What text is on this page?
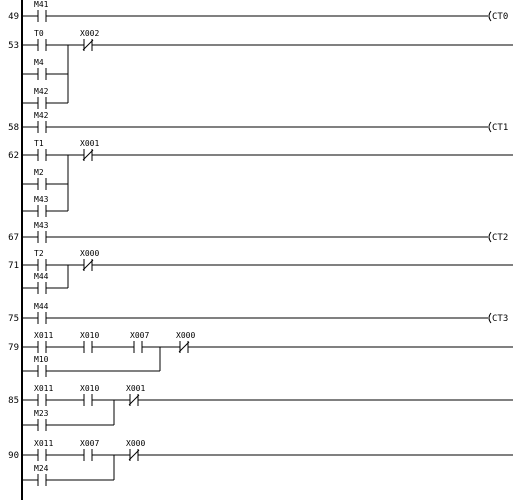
49	CT0
M41
53
T0	X002
M4
M42
58	CT1
M42
62
T1	X001
M2
M43
67	CT2
M43
71
T2	X000
M44
75	CT3
M44
79
X011	X010	X007	X000
M10
85
X011	X010	X001
M23
90
X011	X007	X000
M24
